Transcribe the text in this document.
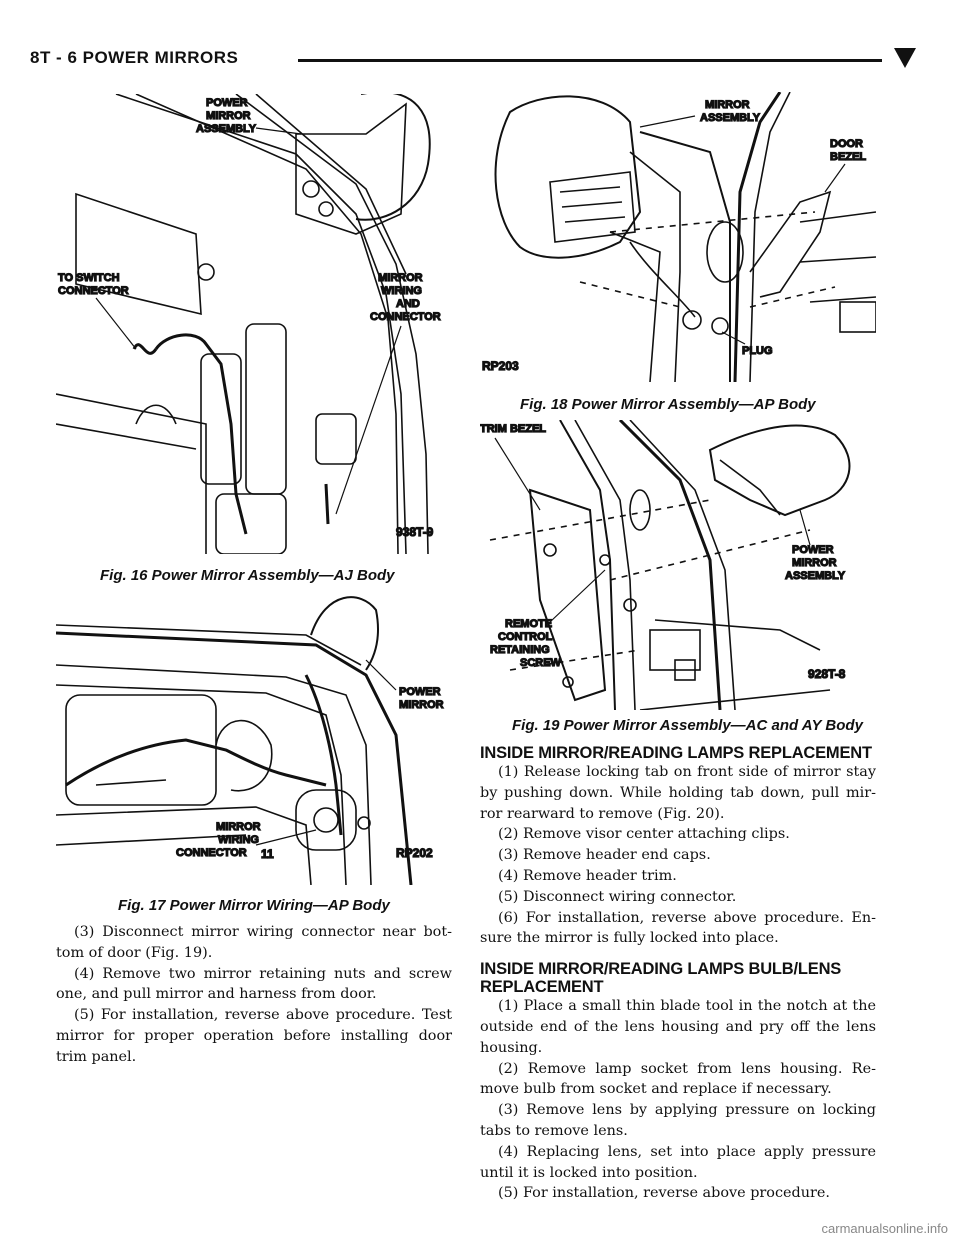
8T - 6 POWER MIRRORS
POWER
MIRROR
ASSEMBLY
TO SWITCH
CONNECTOR
MIRROR
WIRING
AND
CONNECTOR
938T-9
Fig. 16 Power Mirror Assembly—AJ Body
POWER
MIRROR
MIRROR
WIRING
CONNECTOR 11	RP202
Fig. 17 Power Mirror Wiring—AP Body

(3) Disconnect mirror wiring connector near bot-tom of door (Fig. 19).

(4) Remove two mirror retaining nuts and screw one, and pull mirror and harness from door.

(5) For installation, reverse above procedure. Test mirror for proper operation before installing door trim panel.

MIRROR
ASSEMBLY
DOOR
BEZEL
PLUG
RP203
Fig. 18 Power Mirror Assembly—AP Body
TRIM BEZEL
POWER
MIRROR
ASSEMBLY
REMOTE
CONTROL
RETAINING
SCREW
928T-8
Fig. 19 Power Mirror Assembly—AC and AY Body

INSIDE MIRROR/READING LAMPS REPLACEMENT

(1) Release locking tab on front side of mirror stay by pushing down. While holding tab down, pull mir-ror rearward to remove (Fig. 20).

(2) Remove visor center attaching clips.

(3) Remove header end caps.

(4) Remove header trim.

(5) Disconnect wiring connector.

(6) For installation, reverse above procedure. En-sure the mirror is fully locked into place.

INSIDE MIRROR/READING LAMPS BULB/LENS

REPLACEMENT

(1) Place a small thin blade tool in the notch at the outside end of the lens housing and pry off the lens housing.

(2) Remove lamp socket from lens housing. Re-move bulb from socket and replace if necessary.

(3) Remove lens by applying pressure on locking tabs to remove lens.

(4) Replacing lens, set into place apply pressure until it is locked into position.

(5) For installation, reverse above procedure.

carmanualsonline.info
